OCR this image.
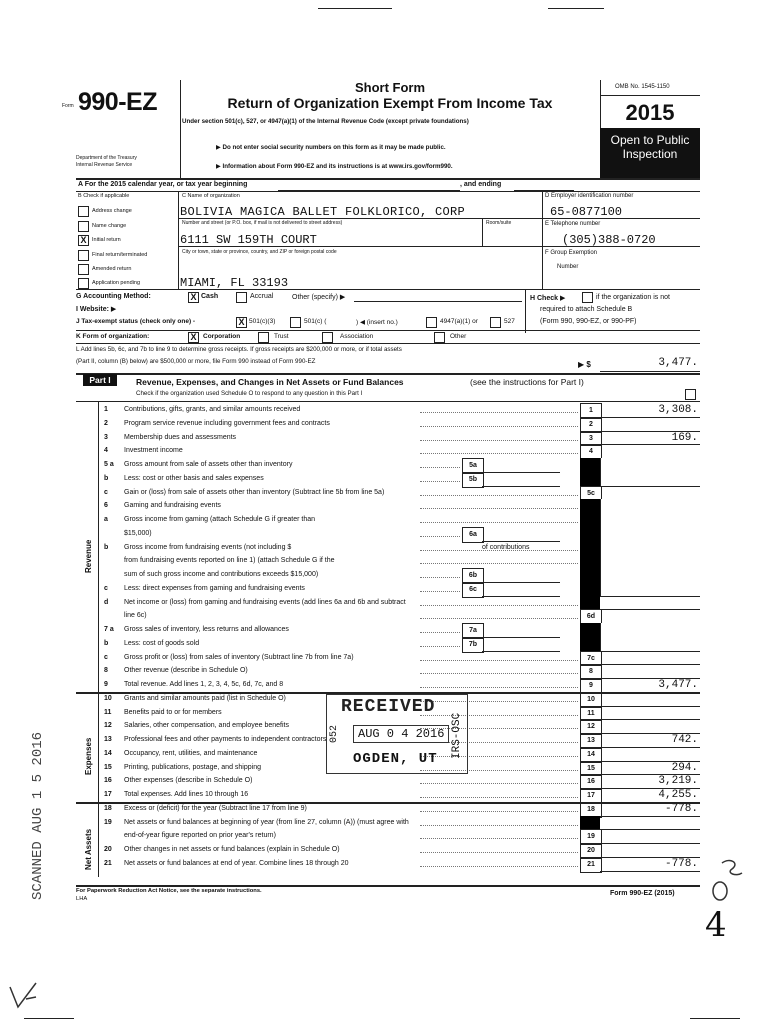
Form 990-EZ
Short Form
Return of Organization Exempt From Income Tax
Under section 501(c), 527, or 4947(a)(1) of the Internal Revenue Code (except private foundations)
▶ Do not enter social security numbers on this form as it may be made public.
▶ Information about Form 990-EZ and its instructions is at www.irs.gov/form990.
Department of the Treasury
Internal Revenue Service
OMB No. 1545-1150
2015
Open to Public
Inspection
A For the 2015 calendar year, or tax year beginning	, and ending
B Check if applicable	C Name of organization	D Employer identification number
Address change
Name change
X	Initial return
Final return/terminated
Amended return
Application pending
BOLIVIA MAGICA BALLET FOLKLORICO, CORP	65-0877100
Number and street (or P.O. box, if mail is not delivered to street address)	Room/suite	E Telephone number
6111 SW 159TH COURT	(305)388-0720
City or town, state or province, country, and ZIP or foreign postal code	F Group Exemption
Number
MIAMI, FL 33193
G Accounting Method:	X Cash	Accrual	Other (specify) ▶
I Website: ▶
H Check ▶	if the organization is not
required to attach Schedule B
(Form 990, 990-EZ, or 990-PF)
J Tax-exempt status (check only one) -	X 501(c)(3)	501(c) (	) ◀ (insert no.)	4947(a)(1) or	527
K Form of organization:	X	Corporation	Trust	Association	Other
L Add lines 5b, 6c, and 7b to line 9 to determine gross receipts. If gross receipts are $200,000 or more, or if total assets
(Part II, column (B) below) are $500,000 or more, file Form 990 instead of Form 990-EZ	▶ $	3,477.
Part I	Revenue, Expenses, and Changes in Net Assets or Fund Balances	(see the instructions for Part I)
Check if the organization used Schedule O to respond to any question in this Part I
1 Contributions, gifts, grants, and similar amounts received	1	3,308.
2 Program service revenue including government fees and contracts	2
3 Membership dues and assessments	3	169.
4 Investment income	4
5 a Gross amount from sale of assets other than inventory	5a
b Less: cost or other basis and sales expenses	5b
c Gain or (loss) from sale of assets other than inventory (Subtract line 5b from line 5a)	5c
6 Gaming and fundraising events
a Gross income from gaming (attach Schedule G if greater than
$15,000)	6a
b Gross income from fundraising events (not including $	of contributions
from fundraising events reported on line 1) (attach Schedule G if the
sum of such gross income and contributions exceeds $15,000)	6b
c Less: direct expenses from gaming and fundraising events	6c
d Net income or (loss) from gaming and fundraising events (add lines 6a and 6b and subtract
line 6c)	6d
7 a Gross sales of inventory, less returns and allowances	7a
b Less: cost of goods sold	7b
c Gross profit or (loss) from sales of inventory (Subtract line 7b from line 7a)	7c
8 Other revenue (describe in Schedule O)	8
9 Total revenue. Add lines 1, 2, 3, 4, 5c, 6d, 7c, and 8	9	3,477.
10 Grants and similar amounts paid (list in Schedule O)	10
11 Benefits paid to or for members	11
12 Salaries, other compensation, and employee benefits	12
13 Professional fees and other payments to independent contractors	13	742.
14 Occupancy, rent, utilities, and maintenance	14
15 Printing, publications, postage, and shipping	15	294.
16 Other expenses (describe in Schedule O)	16	3,219.
17 Total expenses. Add lines 10 through 16	17	4,255.
18 Excess or (deficit) for the year (Subtract line 17 from line 9)	18	-778.
19 Net assets or fund balances at beginning of year (from line 27, column (A)) (must agree with
end-of-year figure reported on prior year's return)	19
20 Other changes in net assets or fund balances (explain in Schedule O)	20
21 Net assets or fund balances at end of year. Combine lines 18 through 20	21	-778.
Revenue
Expenses
Net Assets
RECEIVED
AUG 0 4 2016
OGDEN, UT IRS-OSC
052
For Paperwork Reduction Act Notice, see the separate instructions.
LHA
Form 990-EZ (2015)
SCANNED AUG 1 5 2016
4
